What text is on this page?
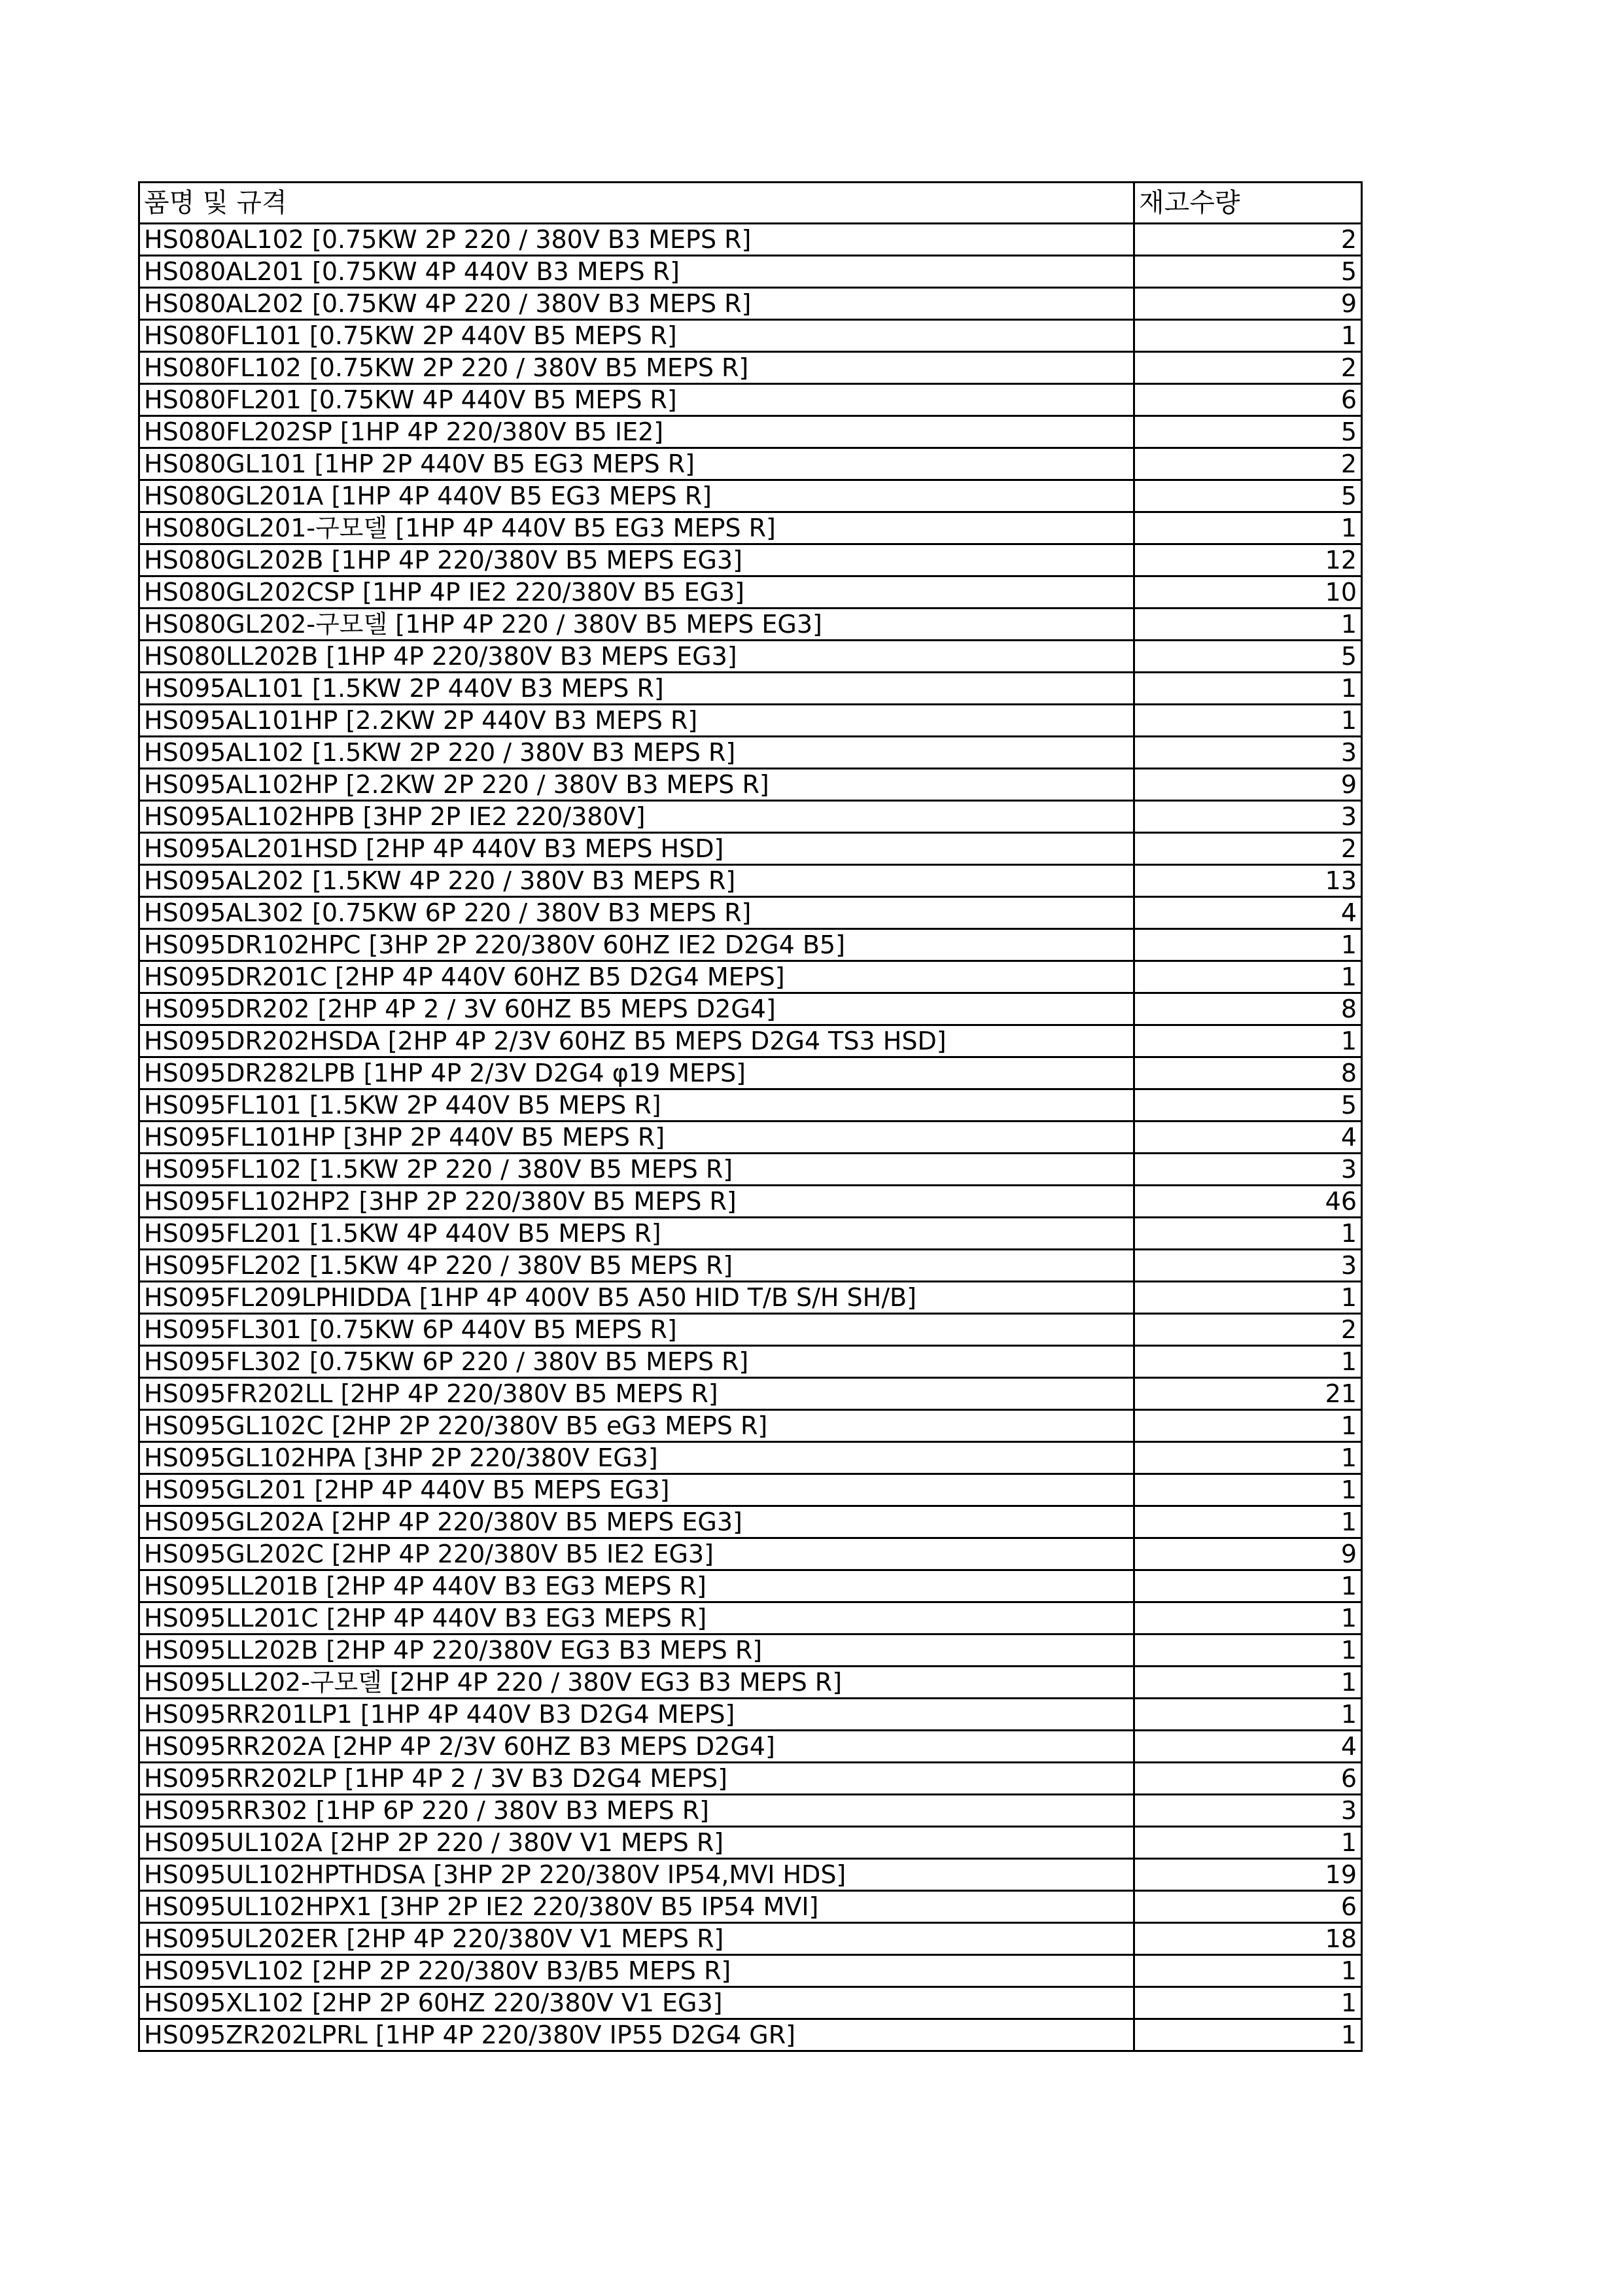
품명 및 규격	재고수량
HS080AL102 [0.75KW 2P 220 / 380V B3 MEPS R]	2
HS080AL201 [0.75KW 4P 440V B3 MEPS R]	5
HS080AL202 [0.75KW 4P 220 / 380V B3 MEPS R]	9
HS080FL101 [0.75KW 2P 440V B5 MEPS R]	1
HS080FL102 [0.75KW 2P 220 / 380V B5 MEPS R]	2
HS080FL201 [0.75KW 4P 440V B5 MEPS R]	6
HS080FL202SP [1HP 4P 220/380V B5 IE2]	5
HS080GL101 [1HP 2P 440V B5 EG3 MEPS R]	2
HS080GL201A [1HP 4P 440V B5 EG3 MEPS R]	5
HS080GL201-구모델 [1HP 4P 440V B5 EG3 MEPS R]	1
HS080GL202B [1HP 4P 220/380V B5 MEPS EG3]	12
HS080GL202CSP [1HP 4P IE2 220/380V B5 EG3]	10
HS080GL202-구모델 [1HP 4P 220 / 380V B5 MEPS EG3]	1
HS080LL202B [1HP 4P 220/380V B3 MEPS EG3]	5
HS095AL101 [1.5KW 2P 440V B3 MEPS R]	1
HS095AL101HP [2.2KW 2P 440V B3 MEPS R]	1
HS095AL102 [1.5KW 2P 220 / 380V B3 MEPS R]	3
HS095AL102HP [2.2KW 2P 220 / 380V B3 MEPS R]	9
HS095AL102HPB [3HP 2P IE2 220/380V]	3
HS095AL201HSD [2HP 4P 440V B3 MEPS HSD]	2
HS095AL202 [1.5KW 4P 220 / 380V B3 MEPS R]	13
HS095AL302 [0.75KW 6P 220 / 380V B3 MEPS R]	4
HS095DR102HPC [3HP 2P 220/380V 60HZ IE2 D2G4 B5]	1
HS095DR201C [2HP 4P 440V 60HZ B5 D2G4 MEPS]	1
HS095DR202 [2HP 4P 2 / 3V 60HZ B5 MEPS D2G4]	8
HS095DR202HSDA [2HP 4P 2/3V 60HZ B5 MEPS D2G4 TS3 HSD]	1
HS095DR282LPB [1HP 4P 2/3V D2G4 φ19 MEPS]	8
HS095FL101 [1.5KW 2P 440V B5 MEPS R]	5
HS095FL101HP [3HP 2P 440V B5 MEPS R]	4
HS095FL102 [1.5KW 2P 220 / 380V B5 MEPS R]	3
HS095FL102HP2 [3HP 2P 220/380V B5 MEPS R]	46
HS095FL201 [1.5KW 4P 440V B5 MEPS R]	1
HS095FL202 [1.5KW 4P 220 / 380V B5 MEPS R]	3
HS095FL209LPHIDDA [1HP 4P 400V B5 A50 HID T/B S/H SH/B]	1
HS095FL301 [0.75KW 6P 440V B5 MEPS R]	2
HS095FL302 [0.75KW 6P 220 / 380V B5 MEPS R]	1
HS095FR202LL [2HP 4P 220/380V B5 MEPS R]	21
HS095GL102C [2HP 2P 220/380V B5 eG3 MEPS R]	1
HS095GL102HPA [3HP 2P 220/380V EG3]	1
HS095GL201 [2HP 4P 440V B5 MEPS EG3]	1
HS095GL202A [2HP 4P 220/380V B5 MEPS EG3]	1
HS095GL202C [2HP 4P 220/380V B5 IE2 EG3]	9
HS095LL201B [2HP 4P 440V B3 EG3 MEPS R]	1
HS095LL201C [2HP 4P 440V B3 EG3 MEPS R]	1
HS095LL202B [2HP 4P 220/380V EG3 B3 MEPS R]	1
HS095LL202-구모델 [2HP 4P 220 / 380V EG3 B3 MEPS R]	1
HS095RR201LP1 [1HP 4P 440V B3 D2G4 MEPS]	1
HS095RR202A [2HP 4P 2/3V 60HZ B3 MEPS D2G4]	4
HS095RR202LP [1HP 4P 2 / 3V B3 D2G4 MEPS]	6
HS095RR302 [1HP 6P 220 / 380V B3 MEPS R]	3
HS095UL102A [2HP 2P 220 / 380V V1 MEPS R]	1
HS095UL102HPTHDSA [3HP 2P 220/380V IP54,MVI HDS]	19
HS095UL102HPX1 [3HP 2P IE2 220/380V B5 IP54 MVI]	6
HS095UL202ER [2HP 4P 220/380V V1 MEPS R]	18
HS095VL102 [2HP 2P 220/380V B3/B5 MEPS R]	1
HS095XL102 [2HP 2P 60HZ 220/380V V1 EG3]	1
HS095ZR202LPRL [1HP 4P 220/380V IP55 D2G4 GR]	1
